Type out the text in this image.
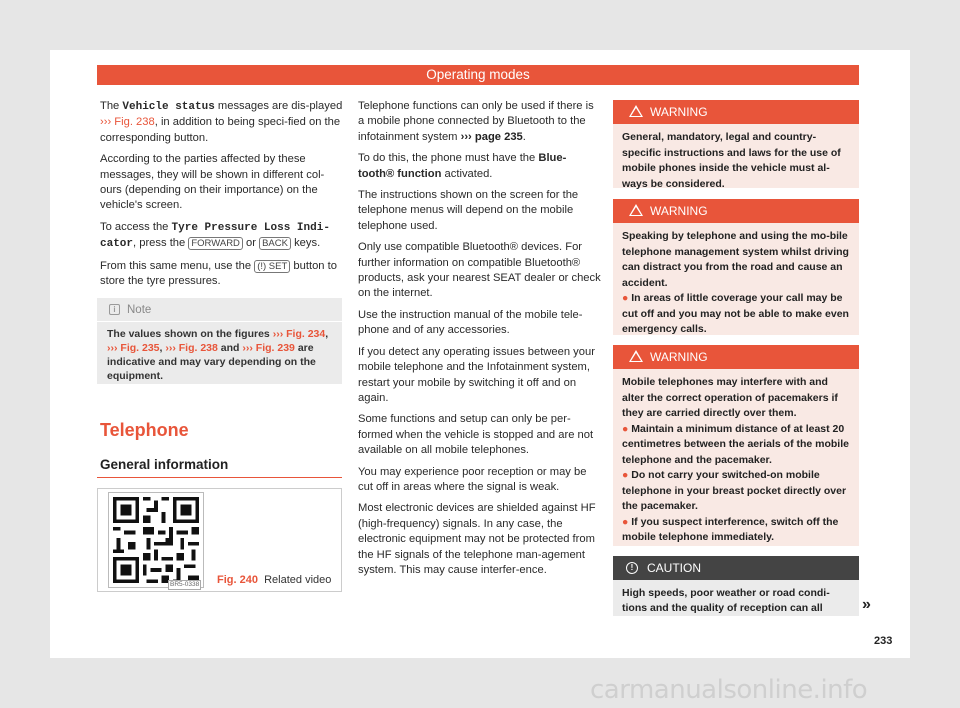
Operating modes

The Vehicle status messages are dis-played ››› Fig. 238, in addition to being speci-fied on the corresponding button.

According to the parties affected by these messages, they will be shown in different col-ours (depending on their importance) on the vehicle's screen.

To access the Tyre Pressure Loss Indi-cator, press the FORWARD or BACK keys.

From this same menu, use the (!) SET button to store the tyre pressures.

i Note
The values shown on the figures ››› Fig. 234, ››› Fig. 235, ››› Fig. 238 and ››› Fig. 239 are indicative and may vary depending on the equipment.
Telephone
General information
BR5-0338 Fig. 240 Related video

Telephone functions can only be used if there is a mobile phone connected by Bluetooth to the infotainment system ››› page 235.

To do this, the phone must have the Blue-tooth® function activated.

The instructions shown on the screen for the telephone menus will depend on the mobile telephone used.

Only use compatible Bluetooth® devices. For further information on compatible Bluetooth® products, ask your nearest SEAT dealer or check on the internet.

Use the instruction manual of the mobile tele-phone and of any accessories.

If you detect any operating issues between your mobile telephone and the Infotainment system, restart your mobile by switching it off and on again.

Some functions and setup can only be per-formed when the vehicle is stopped and are not available on all mobile telephones.

You may experience poor reception or may be cut off in areas where the signal is weak.

Most electronic devices are shielded against HF (high-frequency) signals. In any case, the electronic equipment may not be protected from the HF signals of the telephone man-agement system. This may cause interfer-ence.

WARNING
General, mandatory, legal and country-specific instructions and laws for the use of mobile phones inside the vehicle must al-ways be considered.
WARNING
Speaking by telephone and using the mo-bile telephone management system whilst driving can distract you from the road and cause an accident.
● In areas of little coverage your call may be cut off and you may not be able to make even emergency calls.
WARNING
Mobile telephones may interfere with and alter the correct operation of pacemakers if they are carried directly over them.
● Maintain a minimum distance of at least 20 centimetres between the aerials of the mobile telephone and the pacemaker.
● Do not carry your switched-on mobile telephone in your breast pocket directly over the pacemaker.
● If you suspect interference, switch off the mobile telephone immediately.
!	CAUTION
High speeds, poor weather or road condi-tions and the quality of reception can all	»
233
carmanualsonline.info
